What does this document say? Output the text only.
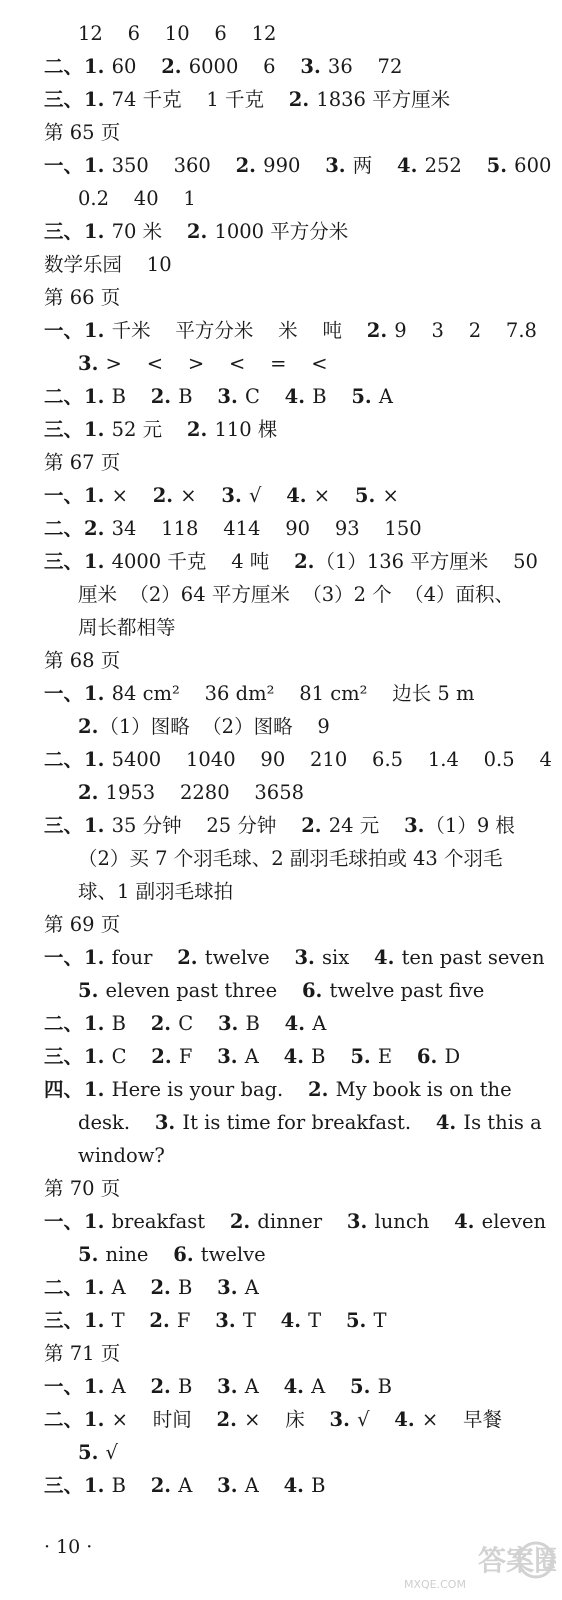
12    6    10    6    12
二、1. 60    2. 6000    6    3. 36    72
三、1. 74 千克    1 千克    2. 1836 平方厘米
第 65 页
一、1. 350    360    2. 990    3. 两    4. 252    5. 600
0.2    40    1
三、1. 70 米    2. 1000 平方分米
数学乐园    10
第 66 页
一、1. 千米    平方分米    米    吨    2. 9    3    2    7.8
3. >    <    >    <    =    <
二、1. B    2. B    3. C    4. B    5. A
三、1. 52 元    2. 110 棵
第 67 页
一、1. ×    2. ×    3. √    4. ×    5. ×
二、2. 34    118    414    90    93    150
三、1. 4000 千克    4 吨    2.（1）136 平方厘米    50
厘米  （2）64 平方厘米  （3）2 个  （4）面积、
周长都相等
第 68 页
一、1. 84 cm²    36 dm²    81 cm²    边长 5 m
2.（1）图略  （2）图略    9
二、1. 5400    1040    90    210    6.5    1.4    0.5    4
2. 1953    2280    3658
三、1. 35 分钟    25 分钟    2. 24 元    3.（1）9 根
（2）买 7 个羽毛球、2 副羽毛球拍或 43 个羽毛
球、1 副羽毛球拍
第 69 页
一、1. four    2. twelve    3. six    4. ten past seven
5. eleven past three    6. twelve past five
二、1. B    2. C    3. B    4. A
三、1. C    2. F    3. A    4. B    5. E    6. D
四、1. Here is your bag.    2. My book is on the
desk.    3. It is time for breakfast.    4. Is this a
window?
第 70 页
一、1. breakfast    2. dinner    3. lunch    4. eleven
5. nine    6. twelve
二、1. A    2. B    3. A
三、1. T    2. F    3. T    4. T    5. T
第 71 页
一、1. A    2. B    3. A    4. A    5. B
二、1. ×    时间    2. ×    床    3. √    4. ×    早餐
5. √
三、1. B    2. A    3. A    4. B
· 10 ·	答案圈
MXQE.COM
